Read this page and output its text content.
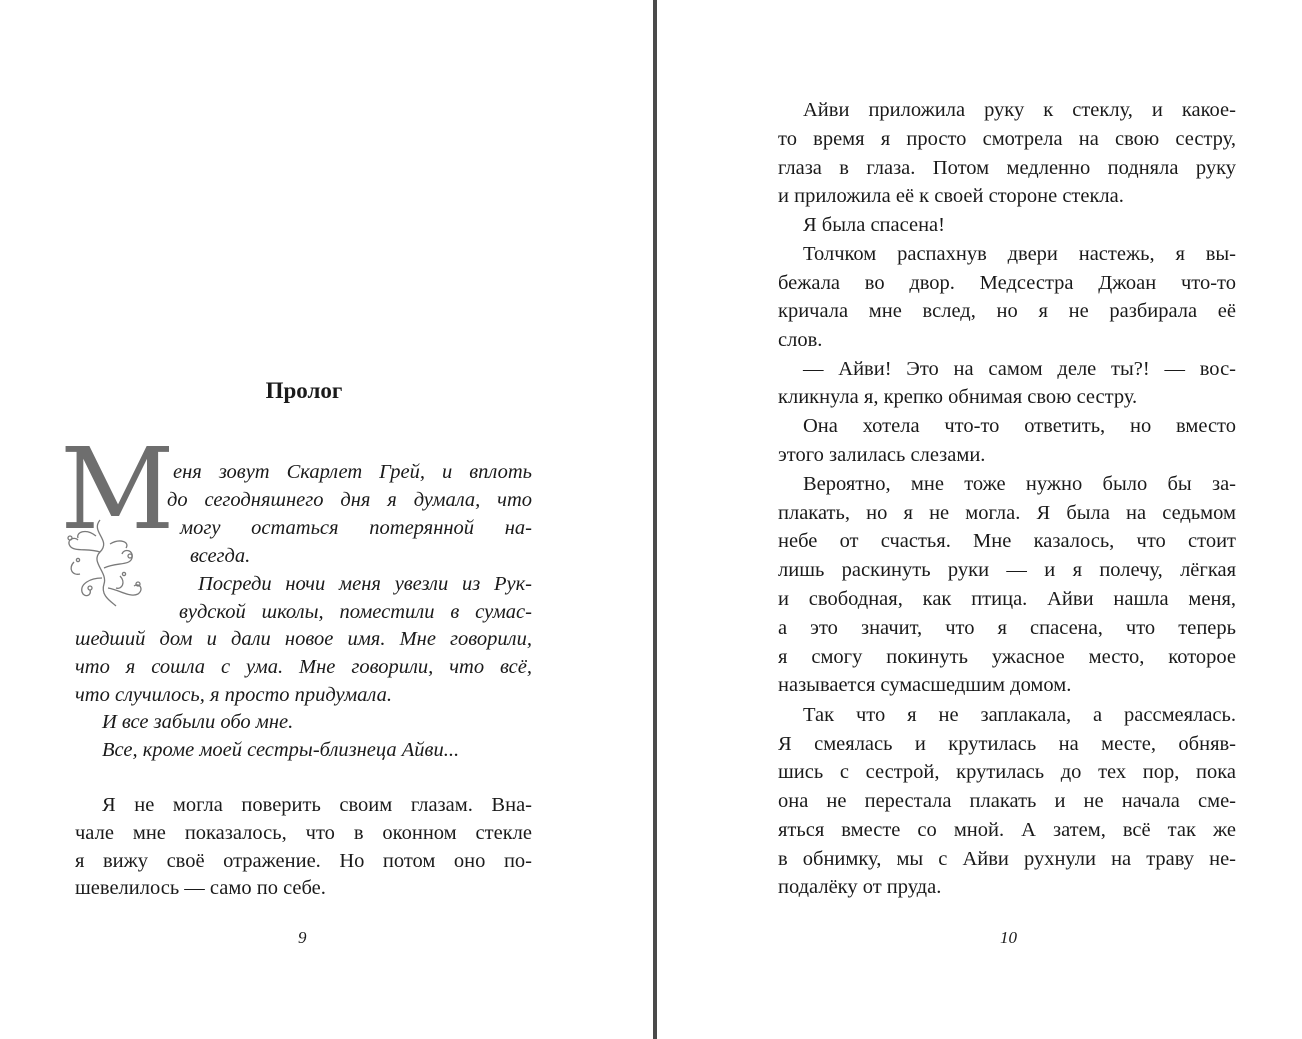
Пролог
М
еня зовут Скарлет Грей, и вплоть
до сегодняшнего дня я думала, что
могу остаться потерянной на-
всегда.
Посреди ночи меня увезли из Рук-
вудской школы, поместили в сумас-
шедший дом и дали новое имя. Мне говорили,
что я сошла с ума. Мне говорили, что всё,
что случилось, я просто придумала.
И все забыли обо мне.
Все, кроме моей сестры-близнеца Айви...
Я не могла поверить своим глазам. Вна-
чале мне показалось, что в оконном стекле
я вижу своё отражение. Но потом оно по-
шевелилось — само по себе.
9
Айви приложила руку к стеклу, и какое-
то время я просто смотрела на свою сестру,
глаза в глаза. Потом медленно подняла руку
и приложила её к своей стороне стекла.
Я была спасена!
Толчком распахнув двери настежь, я вы-
бежала во двор. Медсестра Джоан что-то
кричала мне вслед, но я не разбирала её
слов.
— Айви! Это на самом деле ты?! — вос-
кликнула я, крепко обнимая свою сестру.
Она хотела что-то ответить, но вместо
этого залилась слезами.
Вероятно, мне тоже нужно было бы за-
плакать, но я не могла. Я была на седьмом
небе от счастья. Мне казалось, что стоит
лишь раскинуть руки — и я полечу, лёгкая
и свободная, как птица. Айви нашла меня,
а это значит, что я спасена, что теперь
я смогу покинуть ужасное место, которое
называется сумасшедшим домом.
Так что я не заплакала, а рассмеялась.
Я смеялась и крутилась на месте, обняв-
шись с сестрой, крутилась до тех пор, пока
она не перестала плакать и не начала сме-
яться вместе со мной. А затем, всё так же
в обнимку, мы с Айви рухнули на траву не-
подалёку от пруда.
10
